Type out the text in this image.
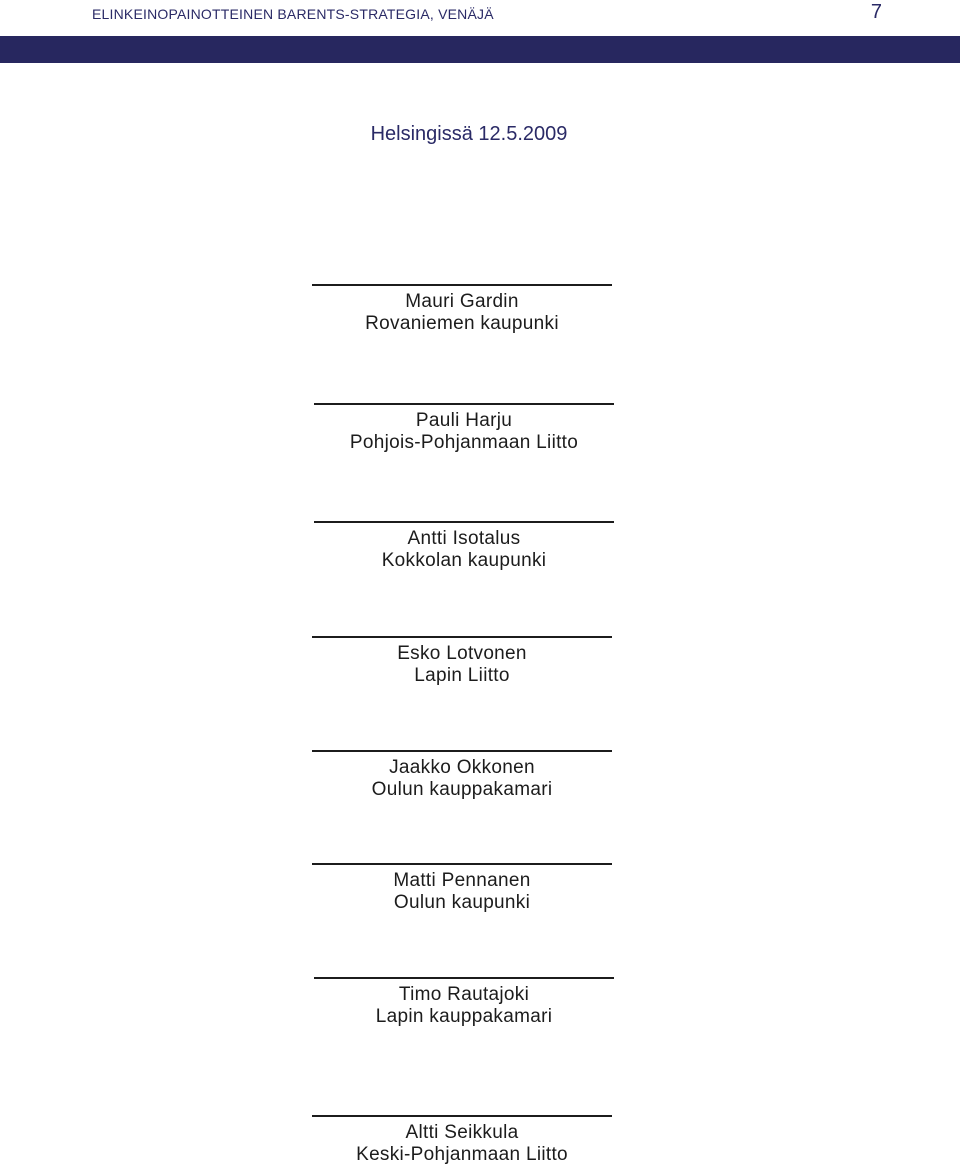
ELINKEINOPAINOTTEINEN BARENTS-STRATEGIA, VENÄJÄ	7
Helsingissä 12.5.2009
Mauri Gardin
Rovaniemen kaupunki
Pauli Harju
Pohjois-Pohjanmaan Liitto
Antti Isotalus
Kokkolan kaupunki
Esko Lotvonen
Lapin Liitto
Jaakko Okkonen
Oulun kauppakamari
Matti Pennanen
Oulun kaupunki
Timo Rautajoki
Lapin kauppakamari
Altti Seikkula
Keski-Pohjanmaan Liitto
